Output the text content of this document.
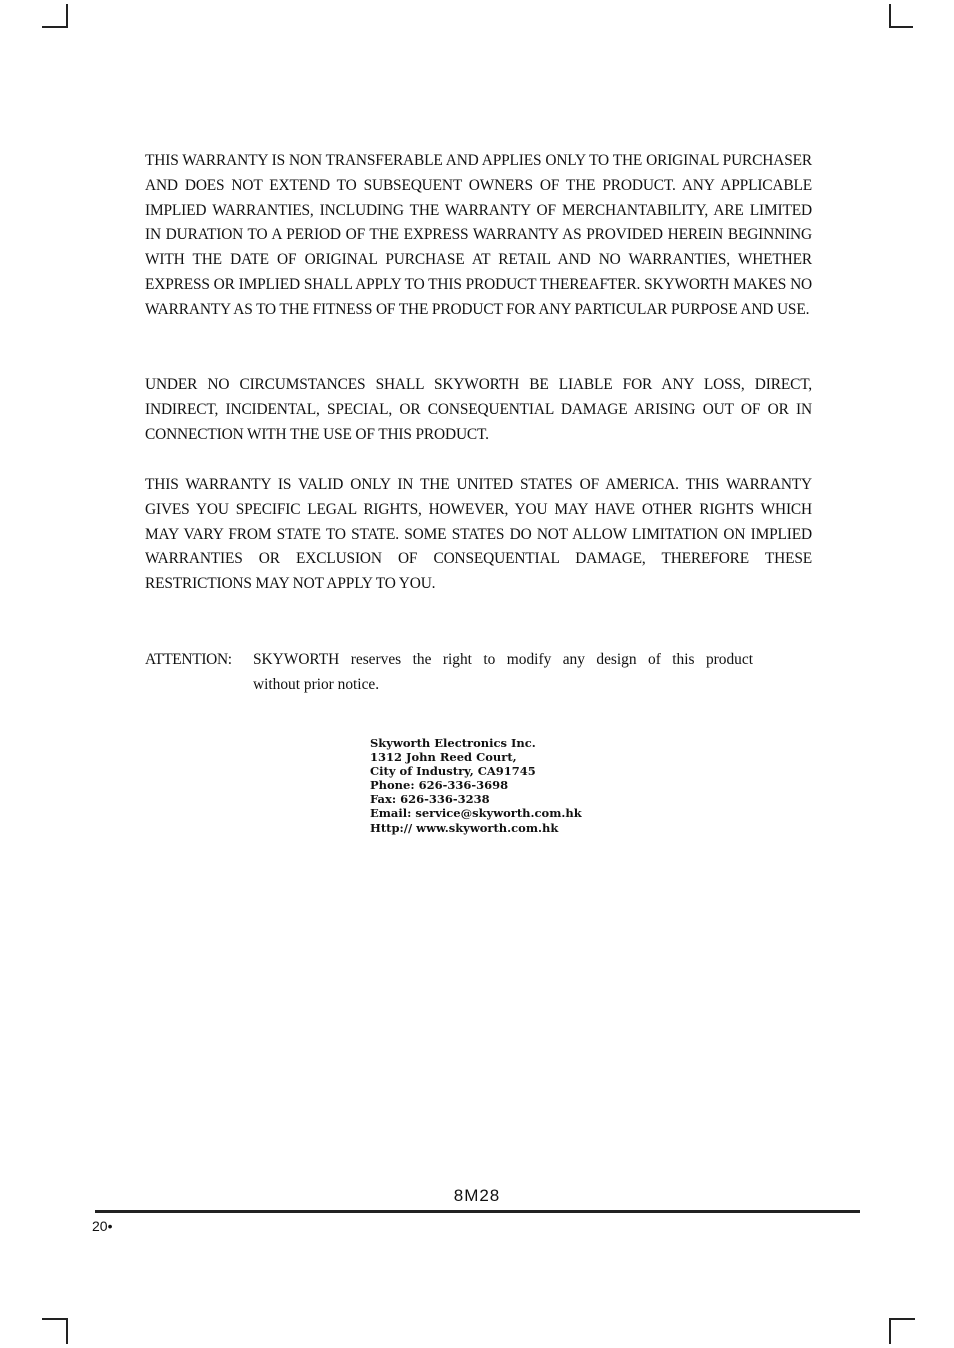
THIS WARRANTY IS NON TRANSFERABLE AND APPLIES ONLY TO THE ORIGINAL PURCHASER AND DOES NOT EXTEND TO SUBSEQUENT OWNERS OF THE PRODUCT. ANY APPLICABLE IMPLIED WARRANTIES, INCLUDING THE WARRANTY OF MERCHANTABILITY, ARE LIMITED IN DURATION TO A PERIOD OF THE EXPRESS WARRANTY AS PROVIDED HEREIN BEGINNING WITH THE DATE OF ORIGINAL PURCHASE AT RETAIL AND NO WARRANTIES, WHETHER EXPRESS OR IMPLIED SHALL APPLY TO THIS PRODUCT THEREAFTER. SKYWORTH MAKES NO WARRANTY AS TO THE FITNESS OF THE PRODUCT FOR ANY PARTICULAR PURPOSE AND USE.

UNDER NO CIRCUMSTANCES SHALL SKYWORTH BE LIABLE FOR ANY LOSS, DIRECT, INDIRECT, INCIDENTAL, SPECIAL, OR CONSEQUENTIAL DAMAGE ARISING OUT OF OR IN CONNECTION WITH THE USE OF THIS PRODUCT.

THIS WARRANTY IS VALID ONLY IN THE UNITED STATES OF AMERICA. THIS WARRANTY GIVES YOU SPECIFIC LEGAL RIGHTS, HOWEVER, YOU MAY HAVE OTHER RIGHTS WHICH MAY VARY FROM STATE TO STATE. SOME STATES DO NOT ALLOW LIMITATION ON IMPLIED WARRANTIES OR EXCLUSION OF CONSEQUENTIAL DAMAGE, THEREFORE THESE RESTRICTIONS MAY NOT APPLY TO YOU.

ATTENTION: SKYWORTH reserves the right to modify any design of this product
without prior notice.
Skyworth Electronics Inc.
1312 John Reed Court,
City of Industry, CA91745
Phone: 626-336-3698
Fax: 626-336-3238
Email: service@skyworth.com.hk
Http:// www.skyworth.com.hk
8M28
20•
